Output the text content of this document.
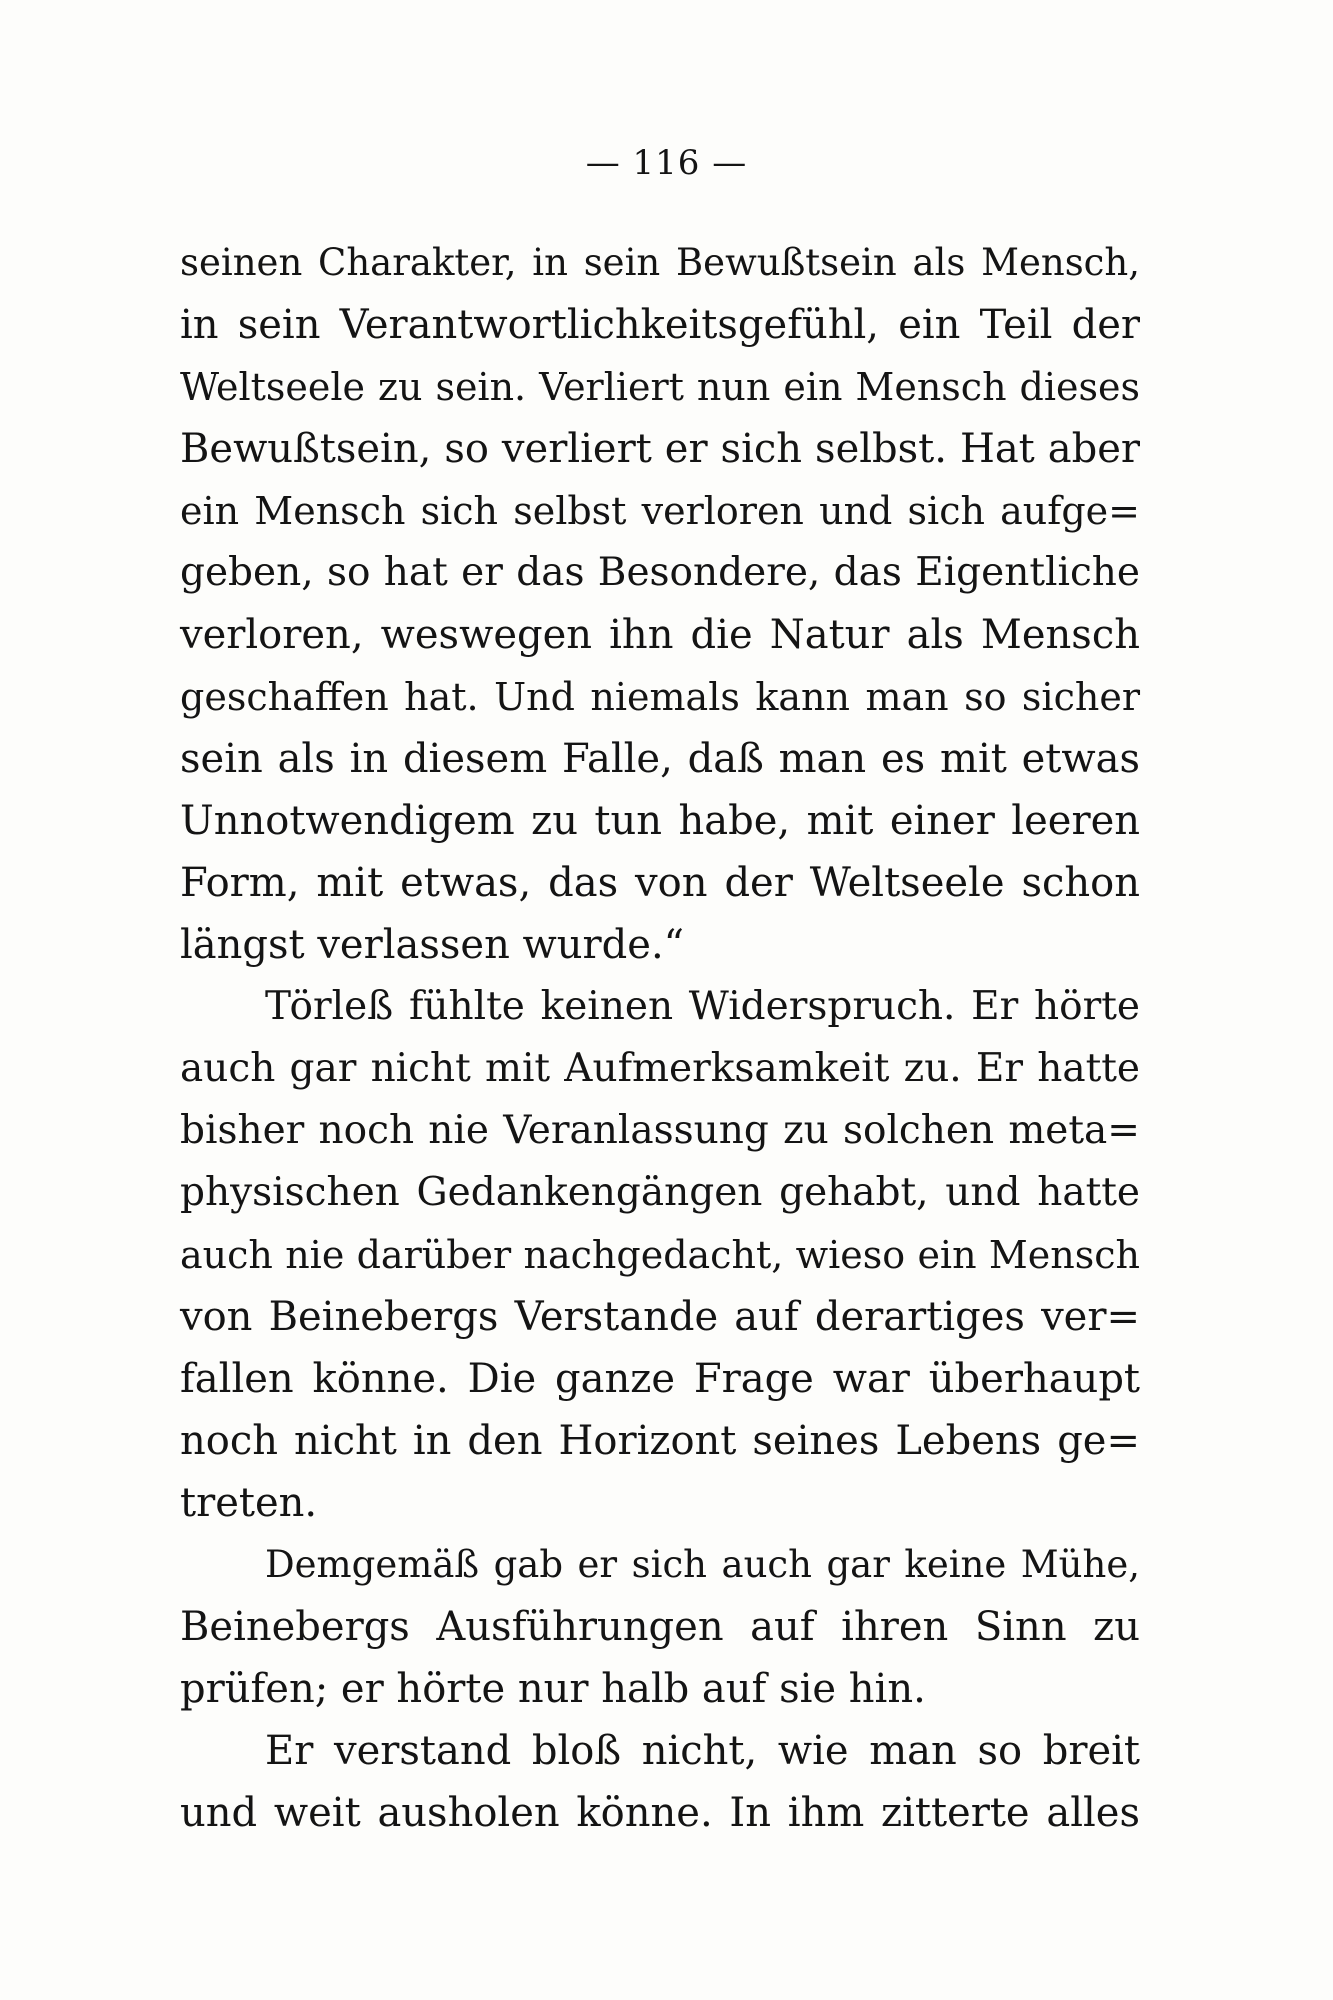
— 116 —
seinen Charakter, in sein Bewußtsein als Mensch,
in sein Verantwortlichkeitsgefühl, ein Teil der
Weltseele zu sein. Verliert nun ein Mensch dieses
Bewußtsein, so verliert er sich selbst. Hat aber
ein Mensch sich selbst verloren und sich aufge=
geben, so hat er das Besondere, das Eigentliche
verloren, weswegen ihn die Natur als Mensch
geschaffen hat. Und niemals kann man so sicher
sein als in diesem Falle, daß man es mit etwas
Unnotwendigem zu tun habe, mit einer leeren
Form, mit etwas, das von der Weltseele schon
längst verlassen wurde.“
Törleß fühlte keinen Widerspruch. Er hörte
auch gar nicht mit Aufmerksamkeit zu. Er hatte
bisher noch nie Veranlassung zu solchen meta=
physischen Gedankengängen gehabt, und hatte
auch nie darüber nachgedacht, wieso ein Mensch
von Beinebergs Verstande auf derartiges ver=
fallen könne. Die ganze Frage war überhaupt
noch nicht in den Horizont seines Lebens ge=
treten.
Demgemäß gab er sich auch gar keine Mühe,
Beinebergs Ausführungen auf ihren Sinn zu
prüfen; er hörte nur halb auf sie hin.
Er verstand bloß nicht, wie man so breit
und weit ausholen könne. In ihm zitterte alles
